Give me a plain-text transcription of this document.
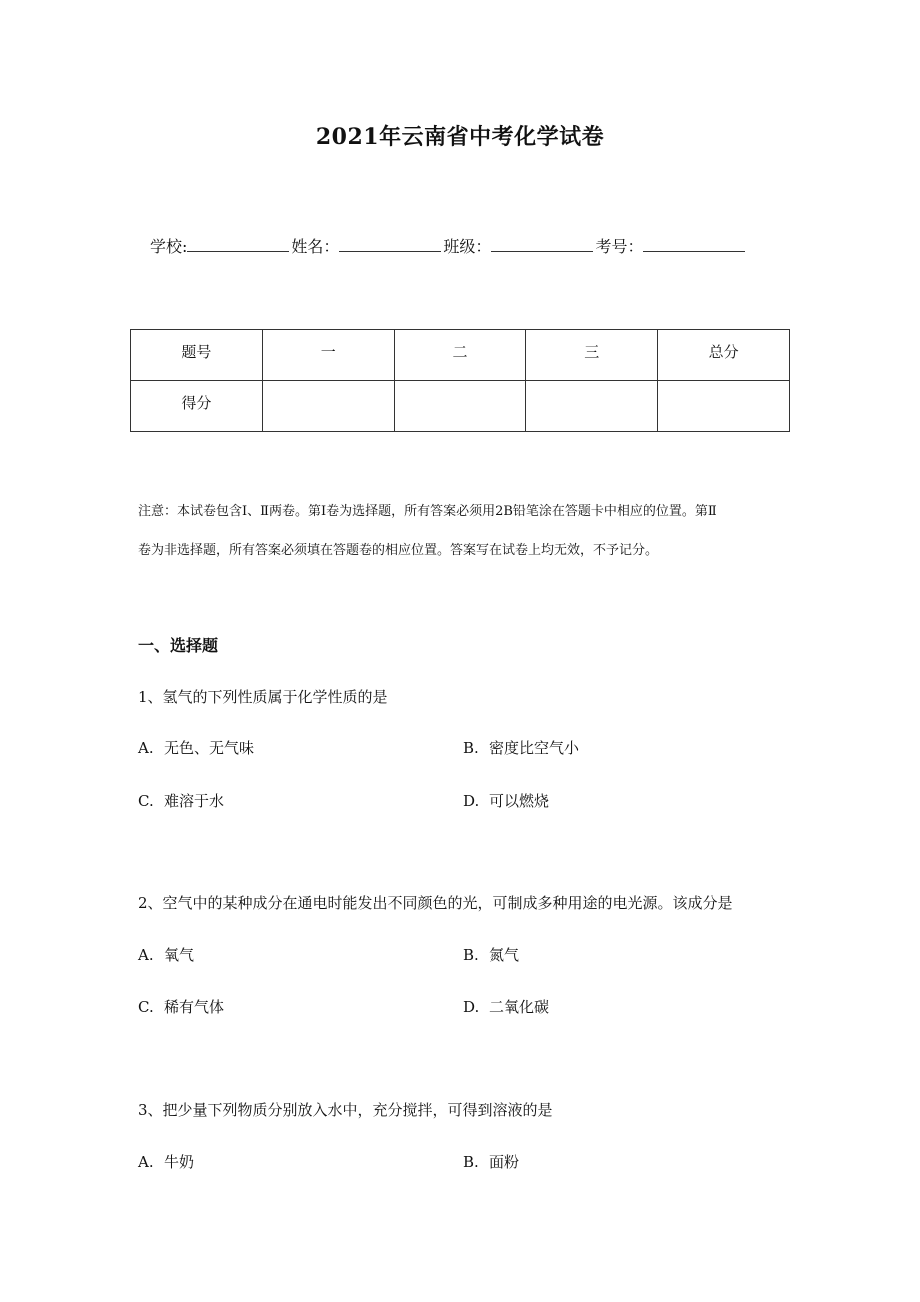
2021年云南省中考化学试卷
学校:	姓名：	班级：	考号：
题号	一	二	三	总分
得分				
注意：本试卷包含Ⅰ、Ⅱ两卷。第Ⅰ卷为选择题，所有答案必须用2B铅笔涂在答题卡中相应的位置。第Ⅱ
卷为非选择题，所有答案必须填在答题卷的相应位置。答案写在试卷上均无效，不予记分。
一、选择题
1、氢气的下列性质属于化学性质的是
A. 无色、无气味	B. 密度比空气小
C. 难溶于水	D. 可以燃烧
2、空气中的某种成分在通电时能发出不同颜色的光，可制成多种用途的电光源。该成分是
A. 氧气	B. 氮气
C. 稀有气体	D. 二氧化碳
3、把少量下列物质分别放入水中，充分搅拌，可得到溶液的是
A. 牛奶	B. 面粉
